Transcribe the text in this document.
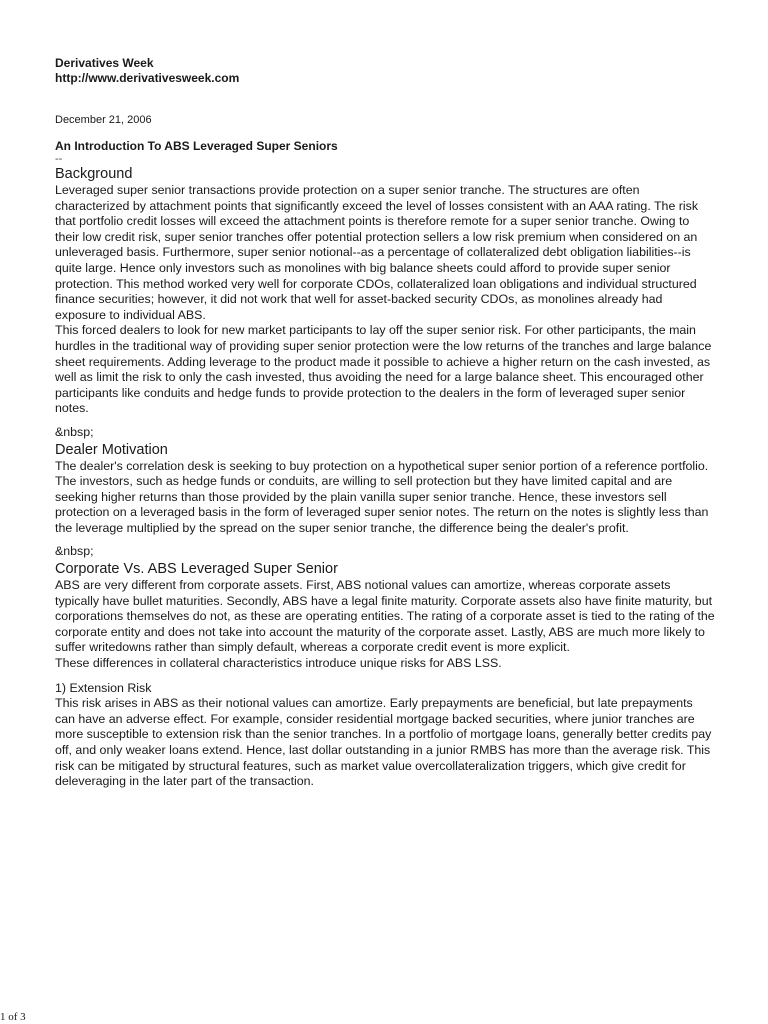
Derivatives Week

http://www.derivativesweek.com

December 21, 2006

An Introduction To ABS Leveraged Super Seniors

--

Background

Leveraged super senior transactions provide protection on a super senior tranche. The structures are often characterized by attachment points that significantly exceed the level of losses consistent with an AAA rating. The risk that portfolio credit losses will exceed the attachment points is therefore remote for a super senior tranche. Owing to their low credit risk, super senior tranches offer potential protection sellers a low risk premium when considered on an unleveraged basis. Furthermore, super senior notional--as a percentage of collateralized debt obligation liabilities--is quite large. Hence only investors such as monolines with big balance sheets could afford to provide super senior protection. This method worked very well for corporate CDOs, collateralized loan obligations and individual structured finance securities; however, it did not work that well for asset-backed security CDOs, as monolines already had exposure to individual ABS.

This forced dealers to look for new market participants to lay off the super senior risk. For other participants, the main hurdles in the traditional way of providing super senior protection were the low returns of the tranches and large balance sheet requirements. Adding leverage to the product made it possible to achieve a higher return on the cash invested, as well as limit the risk to only the cash invested, thus avoiding the need for a large balance sheet. This encouraged other participants like conduits and hedge funds to provide protection to the dealers in the form of leveraged super senior notes.

&nbsp;

Dealer Motivation

The dealer's correlation desk is seeking to buy protection on a hypothetical super senior portion of a reference portfolio. The investors, such as hedge funds or conduits, are willing to sell protection but they have limited capital and are seeking higher returns than those provided by the plain vanilla super senior tranche. Hence, these investors sell protection on a leveraged basis in the form of leveraged super senior notes. The return on the notes is slightly less than the leverage multiplied by the spread on the super senior tranche, the difference being the dealer's profit.

&nbsp;

Corporate Vs. ABS Leveraged Super Senior

ABS are very different from corporate assets. First, ABS notional values can amortize, whereas corporate assets typically have bullet maturities. Secondly, ABS have a legal finite maturity. Corporate assets also have finite maturity, but corporations themselves do not, as these are operating entities. The rating of a corporate asset is tied to the rating of the corporate entity and does not take into account the maturity of the corporate asset. Lastly, ABS are much more likely to suffer writedowns rather than simply default, whereas a corporate credit event is more explicit.

These differences in collateral characteristics introduce unique risks for ABS LSS.

1) Extension Risk

This risk arises in ABS as their notional values can amortize. Early prepayments are beneficial, but late prepayments can have an adverse effect. For example, consider residential mortgage backed securities, where junior tranches are more susceptible to extension risk than the senior tranches. In a portfolio of mortgage loans, generally better credits pay off, and only weaker loans extend. Hence, last dollar outstanding in a junior RMBS has more than the average risk. This risk can be mitigated by structural features, such as market value overcollateralization triggers, which give credit for deleveraging in the later part of the transaction.

1 of 3
